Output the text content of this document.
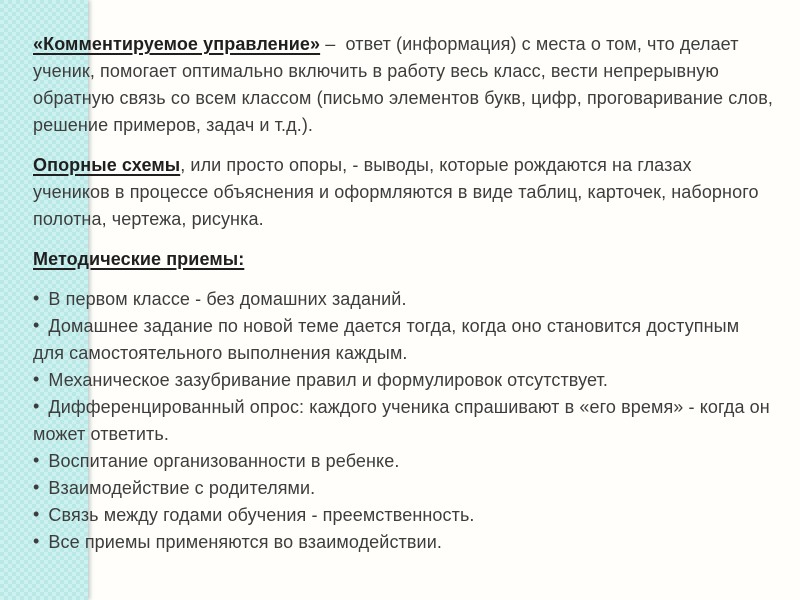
«Комментируемое управление» –  ответ (информация) с места о том, что делает ученик, помогает оптимально включить в работу весь класс, вести непрерывную обратную связь со всем классом (письмо элементов букв, цифр, проговаривание слов, решение примеров, задач и т.д.).

Опорные схемы, или просто опоры, - выводы, которые рождаются на глазах учеников в процессе объяснения и оформляются в виде таблиц, карточек, наборного полотна, чертежа, рисунка.

Методические приемы:

• В первом классе - без домашних заданий.
• Домашнее задание по новой теме дается тогда, когда оно становится доступным для самостоятельного выполнения каждым.
• Механическое зазубривание правил и формулировок отсутствует.
• Дифференцированный опрос: каждого ученика спрашивают в «его время» - когда он может ответить.
• Воспитание организованности в ребенке.
• Взаимодействие с родителями.
• Связь между годами обучения - преемственность.
• Все приемы применяются во взаимодействии.
